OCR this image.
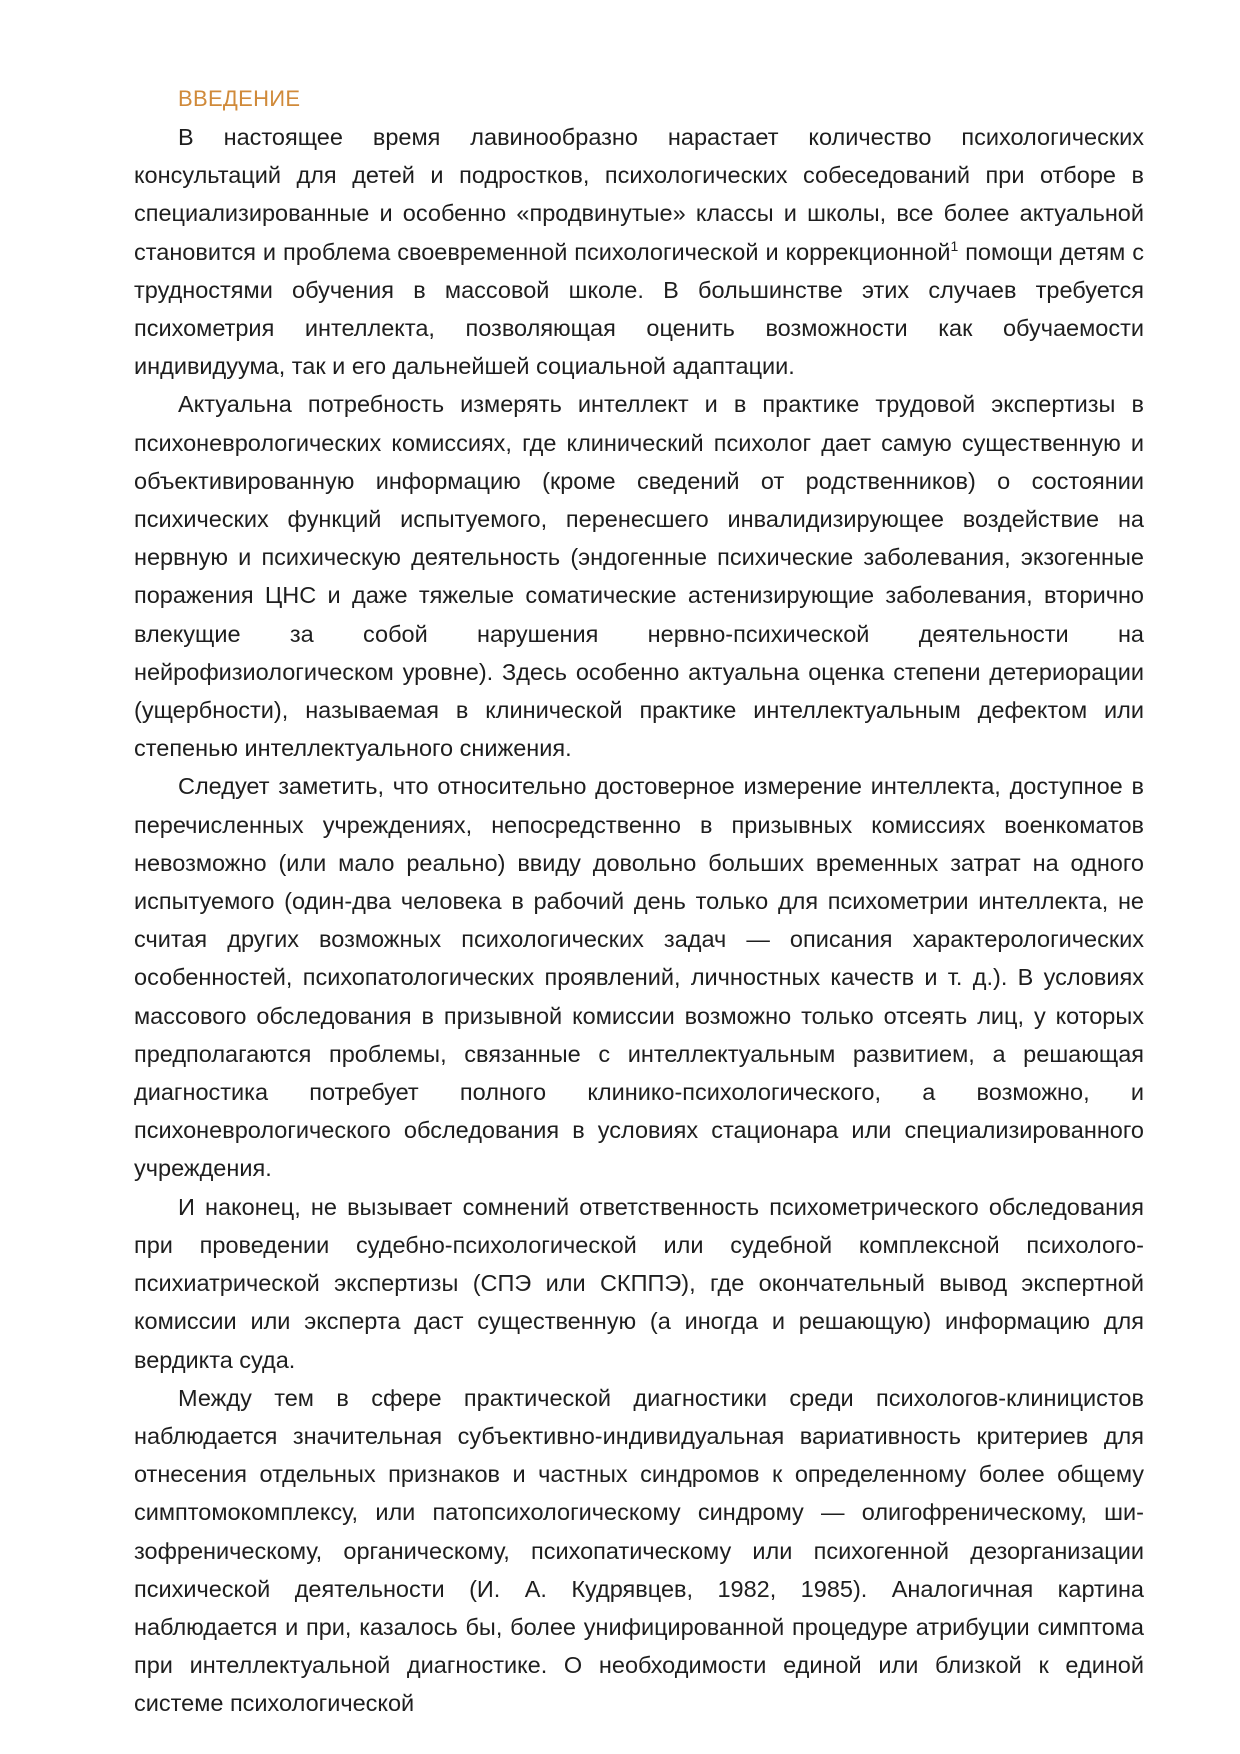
ВВЕДЕНИЕ

В настоящее время лавинообразно нарастает количество психологических консультаций для детей и подростков, психологических собеседований при отборе в специализированные и особенно «продвинутые» классы и школы, все более актуальной становится и проблема своевременной психологической и коррекционной$^1$ помощи детям с трудностями обучения в массовой школе. В большинстве этих случаев требуется психометрия интеллекта, позволяющая оценить возможности как обучаемости индивидуума, так и его дальнейшей социальной адаптации.

Актуальна потребность измерять интеллект и в практике трудовой экспертизы в психоневрологических комиссиях, где клинический психолог дает самую существенную и объективированную информацию (кроме сведений от родственников) о состоянии психических функций испытуемого, перенесшего инвалидизирующее воздействие на нервную и психическую деятельность (эндогенные психические заболевания, экзогенные поражения ЦНС и даже тяжелые соматические астенизирующие заболевания, вторично влекущие за собой нарушения нервно-психической деятельности на нейрофизиологическом уровне). Здесь особенно актуальна оценка степени детериорации (ущербности), называемая в клинической практике интеллектуальным дефектом или степенью интеллектуального снижения.

Следует заметить, что относительно достоверное измерение интеллекта, доступное в перечисленных учреждениях, непосредственно в призывных комиссиях военкоматов невозможно (или мало реально) ввиду довольно больших временных затрат на одного испытуемого (один-два человека в рабочий день только для психометрии интеллекта, не считая других возможных психологических задач — описания характерологических особенностей, психопатологических проявлений, личностных качеств и т. д.). В условиях массового обследования в призывной комиссии возможно только отсеять лиц, у которых предполагаются проблемы, связанные с интеллектуальным развитием, а решающая диагностика потребует полного клинико-психологического, а возможно, и психоневрологического обследования в условиях стационара или специализированного учреждения.

И наконец, не вызывает сомнений ответственность психометрического обследования при проведении судебно-психологической или судебной комплексной психолого-психиатрической экспертизы (СПЭ или СКППЭ), где окончательный вывод экспертной комиссии или эксперта даст существенную (а иногда и решающую) информацию для вердикта суда.

Между тем в сфере практической диагностики среди психологов-клиницистов наблюдается значительная субъективно-индивидуальная вариативность критериев для отнесения отдельных признаков и частных синдромов к определенному более общему симптомокомплексу, или патопсихологическому синдрому — олигофреническому, шизофреническому, органическому, психопатическому или психогенной дезорганизации психической деятельности (И. А. Кудрявцев, 1982, 1985). Аналогичная картина наблюдается и при, казалось бы, более унифицированной процедуре атрибуции симптома при интеллектуальной диагностике. О необходимости единой или близкой к единой системе психологической
